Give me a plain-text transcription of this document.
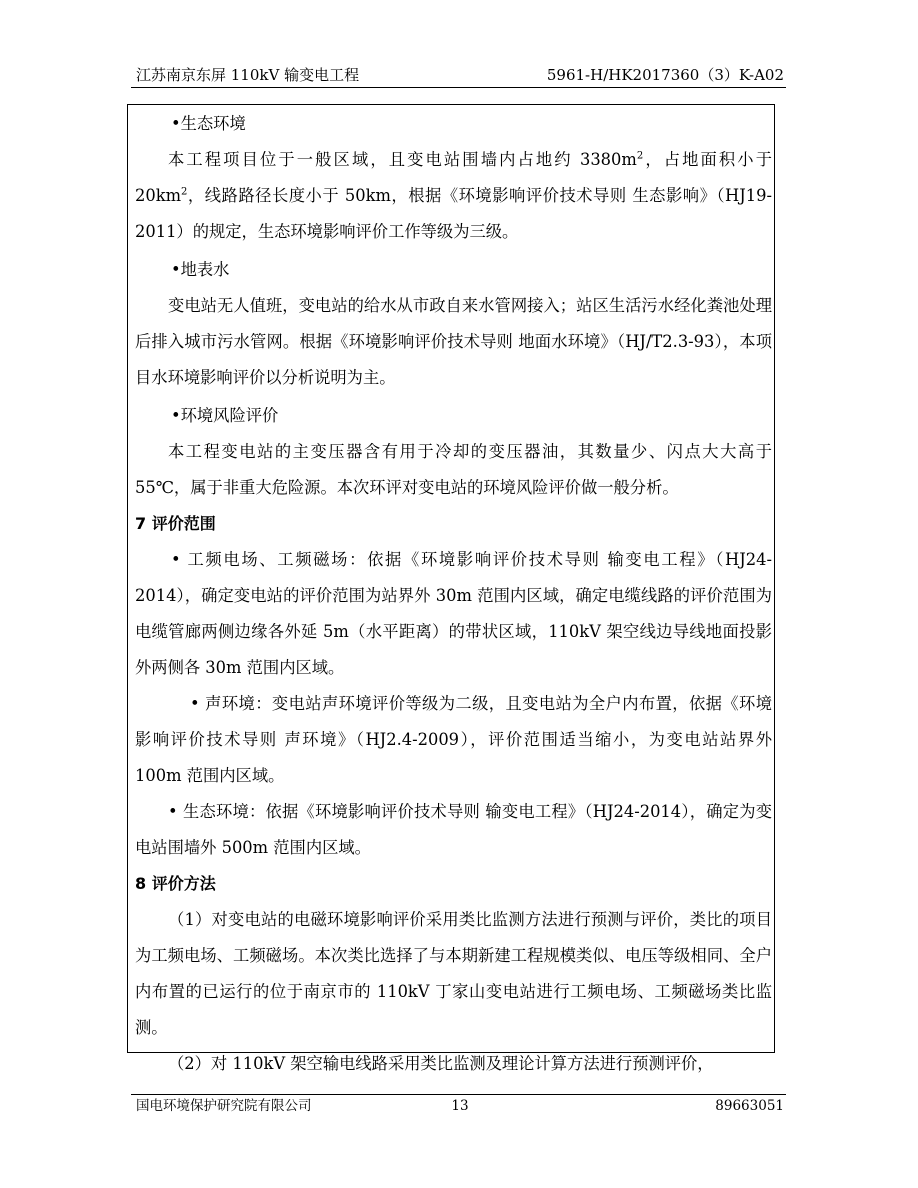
江苏南京东屏 110kV 输变电工程	5961-H/HK2017360（3）K-A02

•生态环境

本工程项目位于一般区域，且变电站围墙内占地约 $3380m^2$，占地面积小于 $20km^2$，线路路径长度小于 50km，根据《环境影响评价技术导则 生态影响》（HJ19-2011）的规定，生态环境影响评价工作等级为三级。

•地表水

变电站无人值班，变电站的给水从市政自来水管网接入；站区生活污水经化粪池处理后排入城市污水管网。根据《环境影响评价技术导则 地面水环境》（HJ/T2.3-93），本项目水环境影响评价以分析说明为主。

•环境风险评价

本工程变电站的主变压器含有用于冷却的变压器油，其数量少、闪点大大高于 55℃，属于非重大危险源。本次环评对变电站的环境风险评价做一般分析。

7 评价范围

• 工频电场、工频磁场：依据《环境影响评价技术导则 输变电工程》（HJ24-2014），确定变电站的评价范围为站界外 30m 范围内区域，确定电缆线路的评价范围为电缆管廊两侧边缘各外延 5m（水平距离）的带状区域，110kV 架空线边导线地面投影外两侧各 30m 范围内区域。

• 声环境：变电站声环境评价等级为二级，且变电站为全户内布置，依据《环境影响评价技术导则 声环境》（HJ2.4-2009），评价范围适当缩小，为变电站站界外 100m 范围内区域。

• 生态环境：依据《环境影响评价技术导则 输变电工程》（HJ24-2014），确定为变电站围墙外 500m 范围内区域。

8 评价方法

（1）对变电站的电磁环境影响评价采用类比监测方法进行预测与评价，类比的项目为工频电场、工频磁场。本次类比选择了与本期新建工程规模类似、电压等级相同、全户内布置的已运行的位于南京市的 110kV 丁家山变电站进行工频电场、工频磁场类比监测。

（2）对 110kV 架空输电线路采用类比监测及理论计算方法进行预测评价，

国电环境保护研究院有限公司	13	89663051
